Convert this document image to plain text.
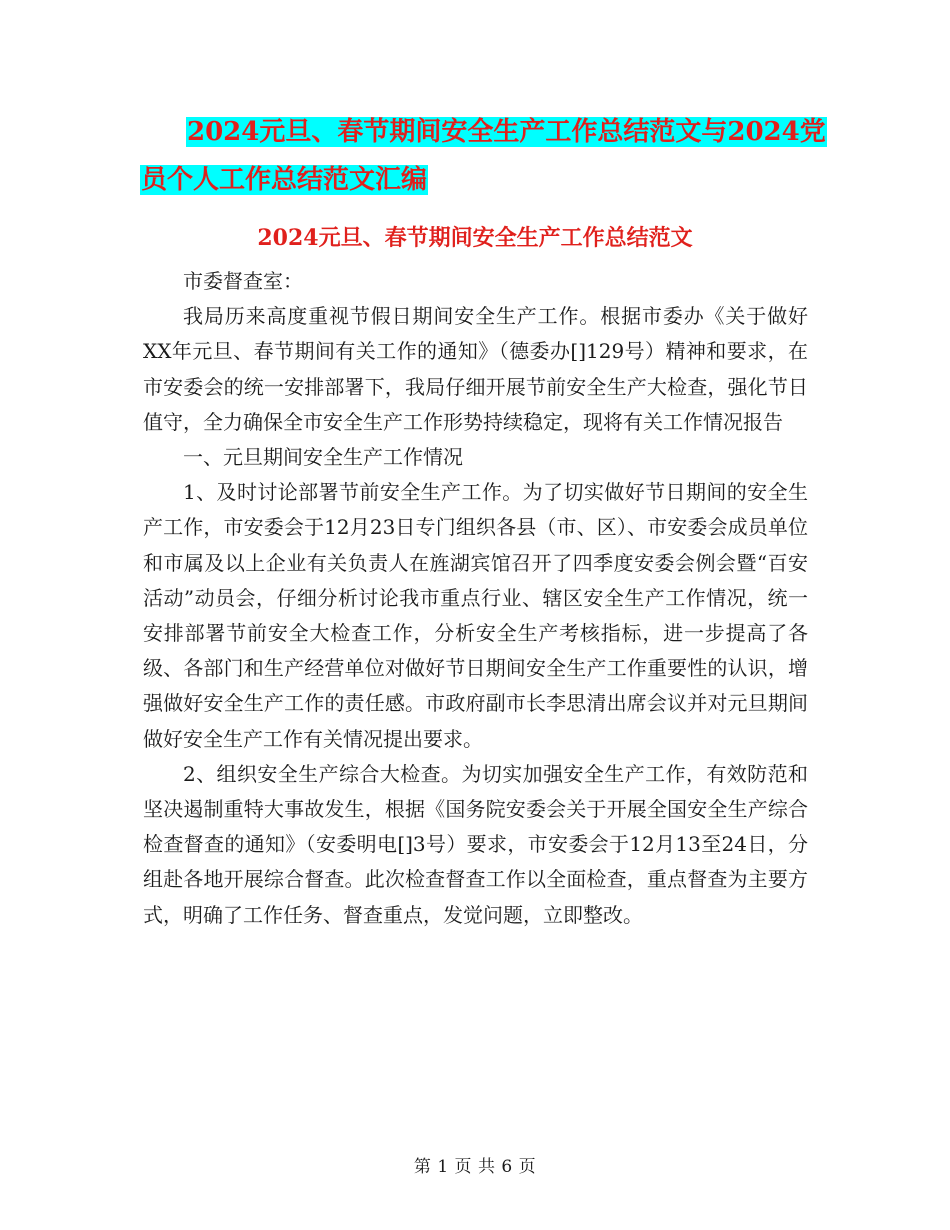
2024元旦、春节期间安全生产工作总结范文与2024党
员个人工作总结范文汇编
2024元旦、春节期间安全生产工作总结范文

市委督查室：

我局历来高度重视节假日期间安全生产工作。根据市委办《关于做好XX年元旦、春节期间有关工作的通知》（德委办[]129号）精神和要求，在市安委会的统一安排部署下，我局仔细开展节前安全生产大检查，强化节日值守，全力确保全市安全生产工作形势持续稳定，现将有关工作情况报告

一、元旦期间安全生产工作情况

1、及时讨论部署节前安全生产工作。为了切实做好节日期间的安全生产工作，市安委会于12月23日专门组织各县（市、区）、市安委会成员单位和市属及以上企业有关负责人在旌湖宾馆召开了四季度安委会例会暨“百安活动”动员会，仔细分析讨论我市重点行业、辖区安全生产工作情况，统一安排部署节前安全大检查工作，分析安全生产考核指标，进一步提高了各级、各部门和生产经营单位对做好节日期间安全生产工作重要性的认识，增强做好安全生产工作的责任感。市政府副市长李思清出席会议并对元旦期间做好安全生产工作有关情况提出要求。

2、组织安全生产综合大检查。为切实加强安全生产工作，有效防范和坚决遏制重特大事故发生，根据《国务院安委会关于开展全国安全生产综合检查督查的通知》（安委明电[]3号）要求，市安委会于12月13至24日，分组赴各地开展综合督查。此次检查督查工作以全面检查，重点督查为主要方式，明确了工作任务、督查重点，发觉问题，立即整改。

第 1 页 共 6 页
